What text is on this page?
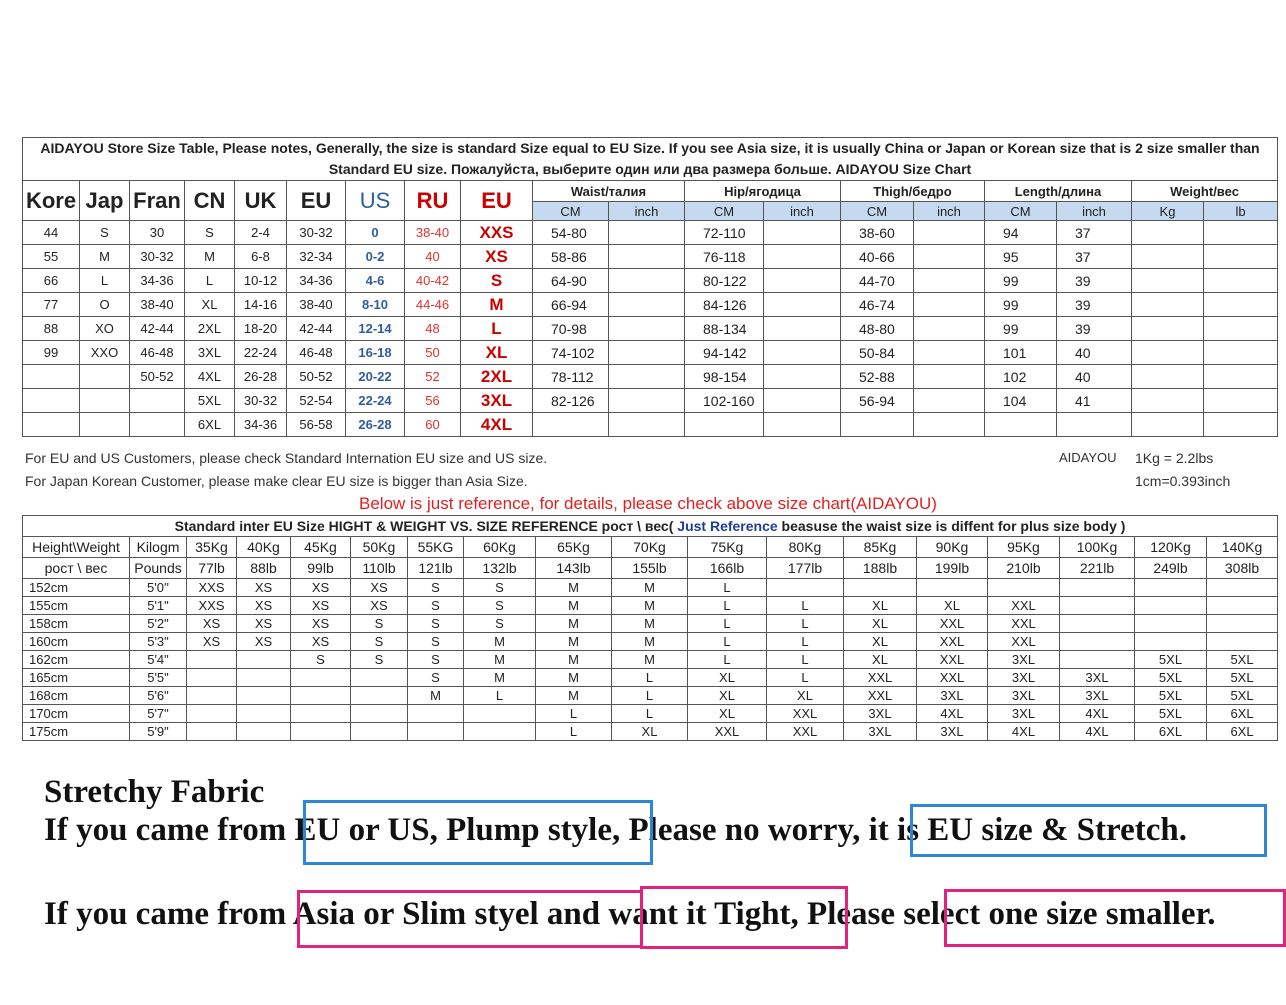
AIDAYOU Store Size Table, Please notes, Generally, the size is standard Size equal to EU Size. If you see Asia size, it is usually China or Japan or Korean size that is 2 size smaller than
Standard EU size. Пожалуйста, выберите один или два размера больше. AIDAYOU Size Chart																		
Kore	Jap	Fran	CN	UK	EU	US	RU	EU	Waist/талия		Hip/ягодица		Thigh/бедро		Length/длина		Weight/вес	
									CM	inch	CM	inch	CM	inch	CM	inch	Kg	lb
44	S	30	S	2-4	30-32	0	38-40	XXS	54-80		72-110		38-60		94	37		
55	M	30-32	M	6-8	32-34	0-2	40	XS	58-86		76-118		40-66		95	37		
66	L	34-36	L	10-12	34-36	4-6	40-42	S	64-90		80-122		44-70		99	39		
77	O	38-40	XL	14-16	38-40	8-10	44-46	M	66-94		84-126		46-74		99	39		
88	XO	42-44	2XL	18-20	42-44	12-14	48	L	70-98		88-134		48-80		99	39		
99	XXO	46-48	3XL	22-24	46-48	16-18	50	XL	74-102		94-142		50-84		101	40		
		50-52	4XL	26-28	50-52	20-22	52	2XL	78-112		98-154		52-88		102	40		
			5XL	30-32	52-54	22-24	56	3XL	82-126		102-160		56-94		104	41		
			6XL	34-36	56-58	26-28	60	4XL										
For EU and US Customers, please check Standard Internation EU size and US size.
For Japan Korean Customer, please make clear EU size is bigger than Asia Size.
AIDAYOU 1Kg = 2.2lbs
1cm=0.393inch
Below is just reference, for details, please check above size chart(AIDAYOU)
Standard inter EU Size HIGHT & WEIGHT VS. SIZE REFERENCE рост \ вес( Just Reference beasuse the waist size is diffent for plus size body )																	
Height\Weight	Kilogm	35Kg	40Kg	45Kg	50Kg	55KG	60Kg	65Kg	70Kg	75Kg	80Kg	85Kg	90Kg	95Kg	100Kg	120Kg	140Kg
рост \ вес	Pounds	77lb	88lb	99lb	110lb	121lb	132lb	143lb	155lb	166lb	177lb	188lb	199lb	210lb	221lb	249lb	308lb
152cm	5'0''	XXS	XS	XS	XS	S	S	M	M	L							
155cm	5'1"	XXS	XS	XS	XS	S	S	M	M	L	L	XL	XL	XXL			
158cm	5'2"	XS	XS	XS	S	S	S	M	M	L	L	XL	XXL	XXL			
160cm	5'3"	XS	XS	XS	S	S	M	M	M	L	L	XL	XXL	XXL			
162cm	5'4"			S	S	S	M	M	M	L	L	XL	XXL	3XL		5XL	5XL
165cm	5'5"					S	M	M	L	XL	L	XXL	XXL	3XL	3XL	5XL	5XL
168cm	5'6"					M	L	M	L	XL	XL	XXL	3XL	3XL	3XL	5XL	5XL
170cm	5'7"							L	L	XL	XXL	3XL	4XL	3XL	4XL	5XL	6XL
175cm	5'9"							L	XL	XXL	XXL	3XL	3XL	4XL	4XL	6XL	6XL
Stretchy Fabric
If you came from EU or US, Plump style, Please no worry, it is EU size & Stretch.
If you came from Asia or Slim styel and want it Tight, Please select one size smaller.
